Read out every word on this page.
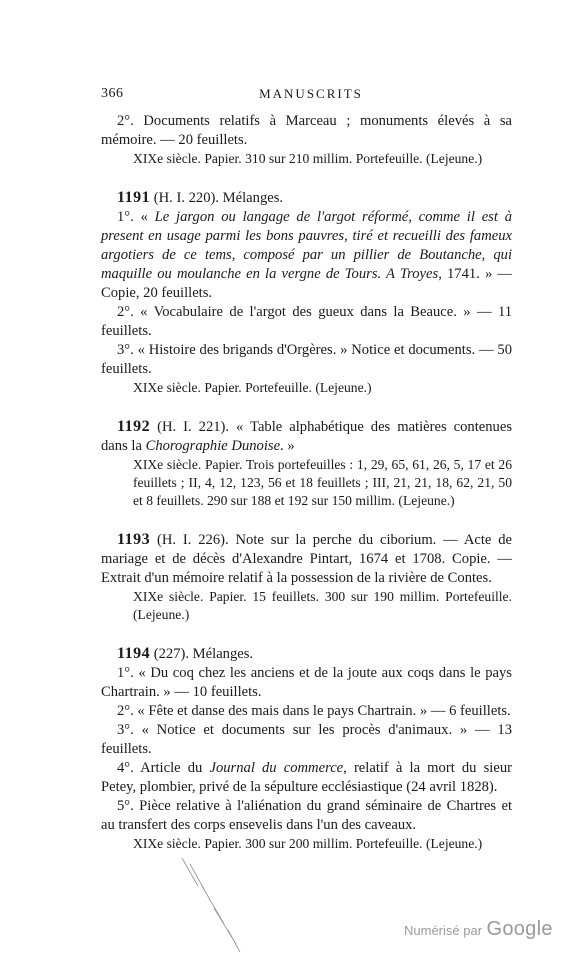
366	MANUSCRITS

2°. Documents relatifs à Marceau ; monuments élevés à sa mémoire. — 20 feuillets.

XIXe siècle. Papier. 310 sur 210 millim. Portefeuille. (Lejeune.)

1191 (H. I. 220). Mélanges.

1°. « Le jargon ou langage de l'argot réformé, comme il est à present en usage parmi les bons pauvres, tiré et recueilli des fameux argotiers de ce tems, composé par un pillier de Boutanche, qui maquille ou moulanche en la vergne de Tours. A Troyes, 1741. » — Copie, 20 feuillets.

2°. « Vocabulaire de l'argot des gueux dans la Beauce. » — 11 feuillets.

3°. « Histoire des brigands d'Orgères. » Notice et documents. — 50 feuillets.

XIXe siècle. Papier. Portefeuille. (Lejeune.)

1192 (H. I. 221). « Table alphabétique des matières contenues dans la Chorographie Dunoise. »

XIXe siècle. Papier. Trois portefeuilles : 1, 29, 65, 61, 26, 5, 17 et 26 feuillets ; II, 4, 12, 123, 56 et 18 feuillets ; III, 21, 21, 18, 62, 21, 50 et 8 feuillets. 290 sur 188 et 192 sur 150 millim. (Lejeune.)

1193 (H. I. 226). Note sur la perche du ciborium. — Acte de mariage et de décès d'Alexandre Pintart, 1674 et 1708. Copie. — Extrait d'un mémoire relatif à la possession de la rivière de Contes.

XIXe siècle. Papier. 15 feuillets. 300 sur 190 millim. Portefeuille. (Lejeune.)

1194 (227). Mélanges.

1°. « Du coq chez les anciens et de la joute aux coqs dans le pays Chartrain. » — 10 feuillets.

2°. « Fête et danse des mais dans le pays Chartrain. » — 6 feuillets.

3°. « Notice et documents sur les procès d'animaux. » — 13 feuillets.

4°. Article du Journal du commerce, relatif à la mort du sieur Petey, plombier, privé de la sépulture ecclésiastique (24 avril 1828).

5°. Pièce relative à l'aliénation du grand séminaire de Chartres et au transfert des corps ensevelis dans l'un des caveaux.

XIXe siècle. Papier. 300 sur 200 millim. Portefeuille. (Lejeune.)

Numérisé par Google
